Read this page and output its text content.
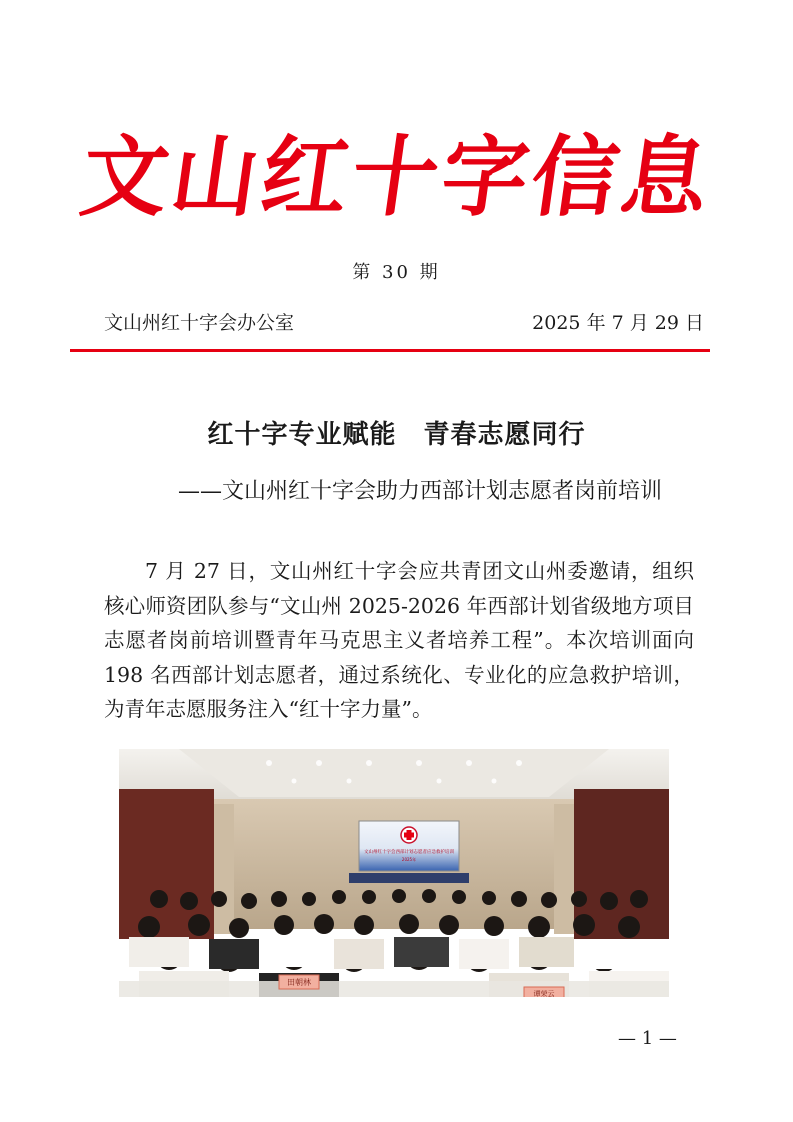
文山红十字信息
第 30 期
文山州红十字会办公室	2025 年 7 月 29 日
红十字专业赋能　青春志愿同行
——文山州红十字会助力西部计划志愿者岗前培训

7 月 27 日，文山州红十字会应共青团文山州委邀请，组织核心师资团队参与“文山州 2025-2026 年西部计划省级地方项目志愿者岗前培训暨青年马克思主义者培养工程”。本次培训面向 198 名西部计划志愿者，通过系统化、专业化的应急救护培训，为青年志愿服务注入“红十字力量”。

文山州红十字会西部计划志愿者应急救护培训
2025年
田朝林
谭荣云
— 1 —
